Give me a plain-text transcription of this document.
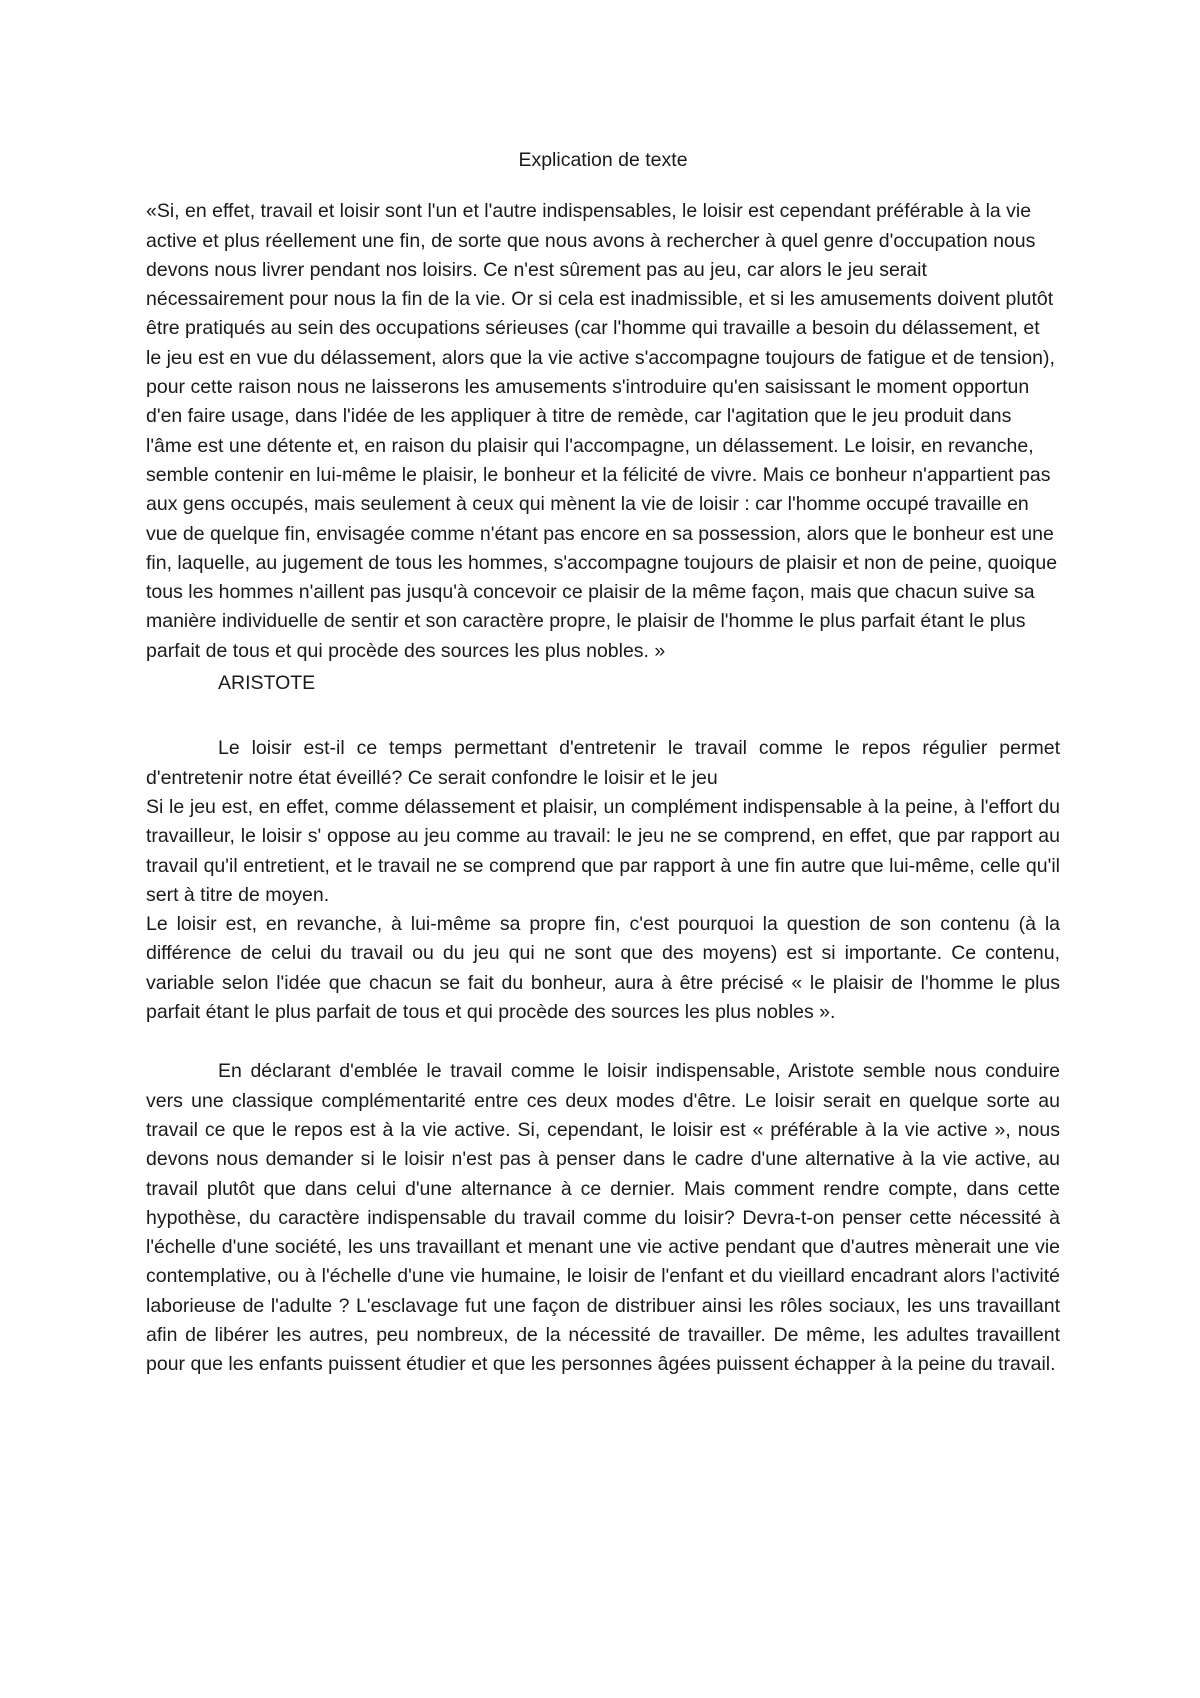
Explication de texte

«Si, en effet, travail et loisir sont l'un et l'autre indispensables, le loisir est cependant préférable à la vie active et plus réellement une fin, de sorte que nous avons à rechercher à quel genre d'occupation nous devons nous livrer pendant nos loisirs. Ce n'est sûrement pas au jeu, car alors le jeu serait nécessairement pour nous la fin de la vie. Or si cela est inadmissible, et si les amusements doivent plutôt être pratiqués au sein des occupations sérieuses (car l'homme qui travaille a besoin du délassement, et le jeu est en vue du délassement, alors que la vie active s'accompagne toujours de fatigue et de tension), pour cette raison nous ne laisserons les amusements s'introduire qu'en saisissant le moment opportun d'en faire usage, dans l'idée de les appliquer à titre de remède, car l'agitation que le jeu produit dans l'âme est une détente et, en raison du plaisir qui l'accompagne, un délassement. Le loisir, en revanche, semble contenir en lui-même le plaisir, le bonheur et la félicité de vivre. Mais ce bonheur n'appartient pas aux gens occupés, mais seulement à ceux qui mènent la vie de loisir : car l'homme occupé travaille en vue de quelque fin, envisagée comme n'étant pas encore en sa possession, alors que le bonheur est une fin, laquelle, au jugement de tous les hommes, s'accompagne toujours de plaisir et non de peine, quoique tous les hommes n'aillent pas jusqu'à concevoir ce plaisir de la même façon, mais que chacun suive sa manière individuelle de sentir et son caractère propre, le plaisir de l'homme le plus parfait étant le plus parfait de tous et qui procède des sources les plus nobles. »

ARISTOTE

Le loisir est-il ce temps permettant d'entretenir le travail comme le repos régulier permet d'entretenir notre état éveillé? Ce serait confondre le loisir et le jeu

Si le jeu est, en effet, comme délassement et plaisir, un complément indispensable à la peine, à l'effort du travailleur, le loisir s' oppose au jeu comme au travail: le jeu ne se comprend, en effet, que par rapport au travail qu'il entretient, et le travail ne se comprend que par rapport à une fin autre que lui-même, celle qu'il sert à titre de moyen.

Le loisir est, en revanche, à lui-même sa propre fin, c'est pourquoi la question de son contenu (à la différence de celui du travail ou du jeu qui ne sont que des moyens) est si importante. Ce contenu, variable selon l'idée que chacun se fait du bonheur, aura à être précisé « le plaisir de l'homme le plus parfait étant le plus parfait de tous et qui procède des sources les plus nobles ».

En déclarant d'emblée le travail comme le loisir indispensable, Aristote semble nous conduire vers une classique complémentarité entre ces deux modes d'être. Le loisir serait en quelque sorte au travail ce que le repos est à la vie active. Si, cependant, le loisir est « préférable à la vie active », nous devons nous demander si le loisir n'est pas à penser dans le cadre d'une alternative à la vie active, au travail plutôt que dans celui d'une alternance à ce dernier. Mais comment rendre compte, dans cette hypothèse, du caractère indispensable du travail comme du loisir? Devra-t-on penser cette nécessité à l'échelle d'une société, les uns travaillant et menant une vie active pendant que d'autres mènerait une vie contemplative, ou à l'échelle d'une vie humaine, le loisir de l'enfant et du vieillard encadrant alors l'activité laborieuse de l'adulte ? L'esclavage fut une façon de distribuer ainsi les rôles sociaux, les uns travaillant afin de libérer les autres, peu nombreux, de la nécessité de travailler. De même, les adultes travaillent pour que les enfants puissent étudier et que les personnes âgées puissent échapper à la peine du travail.
